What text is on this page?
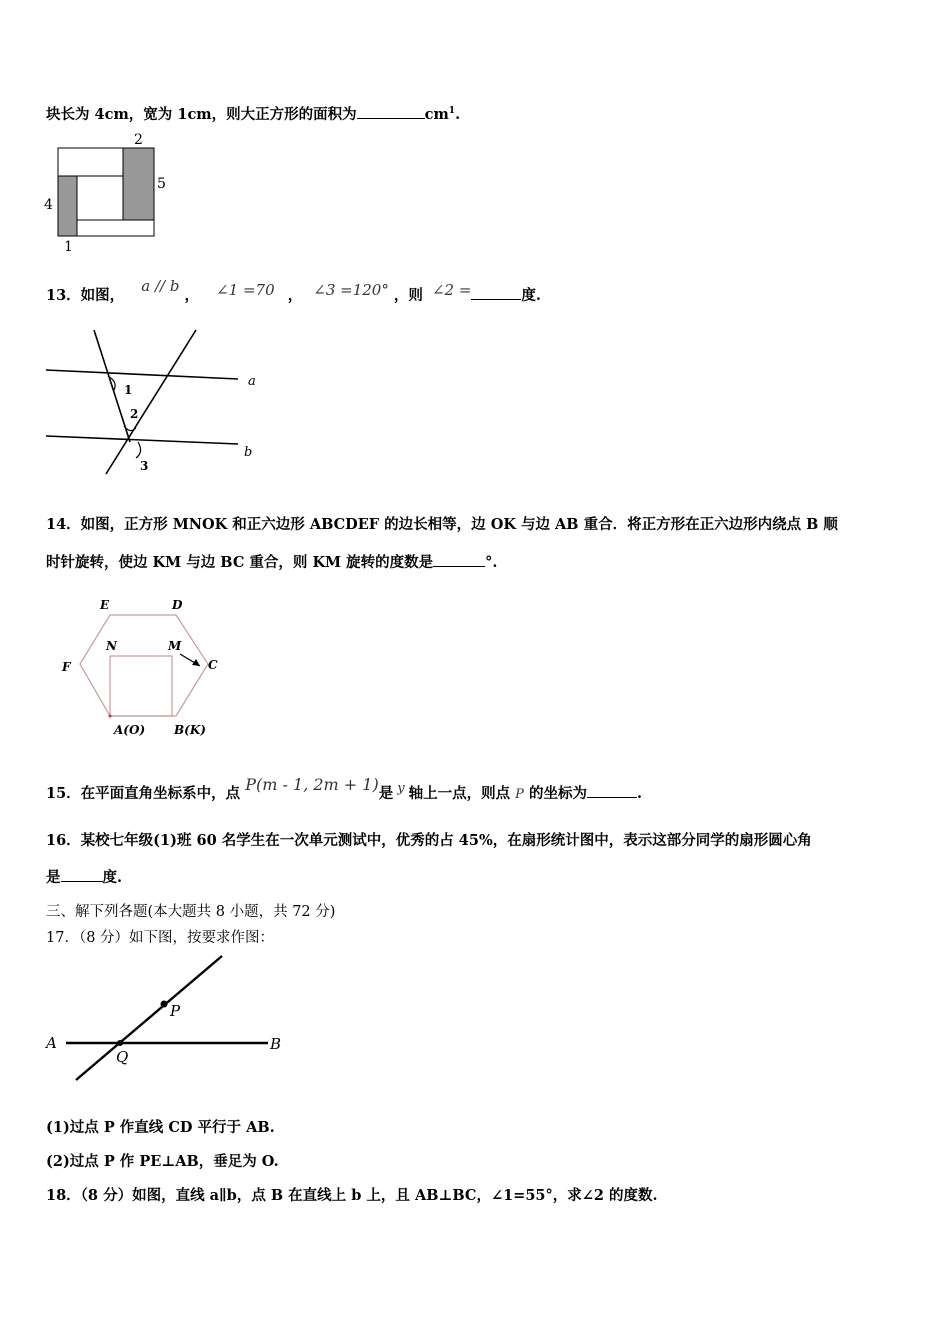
块长为 4cm，宽为 1cm，则大正方形的面积为	$cm^1$.
2
5
4
1
13．如图， a // b ， ∠1 =70 ， ∠3 =120° ，则 ∠2 =	度.
a
b
1
2
3
14．如图，正方形 MNOK 和正六边形 ABCDEF 的边长相等，边 OK 与边 AB 重合．将正方形在正六边形内绕点 B 顺
时针旋转，使边 KM 与边 BC 重合，则 KM 旋转的度数是	°.
E	D
F	C
N	M
A(O) B(K)
15．在平面直角坐标系中，点 P(m - 1, 2m + 1)是 y 轴上一点，则点 P 的坐标为	.
16．某校七年级(1)班 60 名学生在一次单元测试中，优秀的占 45%，在扇形统计图中，表示这部分同学的扇形圆心角
是	度.
三、解下列各题(本大题共 8 小题，共 72 分)
17．（8 分）如下图，按要求作图：
A	B
P
Q
(1)过点 P 作直线 CD 平行于 AB.
(2)过点 P 作 PE⊥AB，垂足为 O.
18．（8 分）如图，直线 a∥b，点 B 在直线上 b 上，且 AB⊥BC，∠1=55°，求∠2 的度数.
